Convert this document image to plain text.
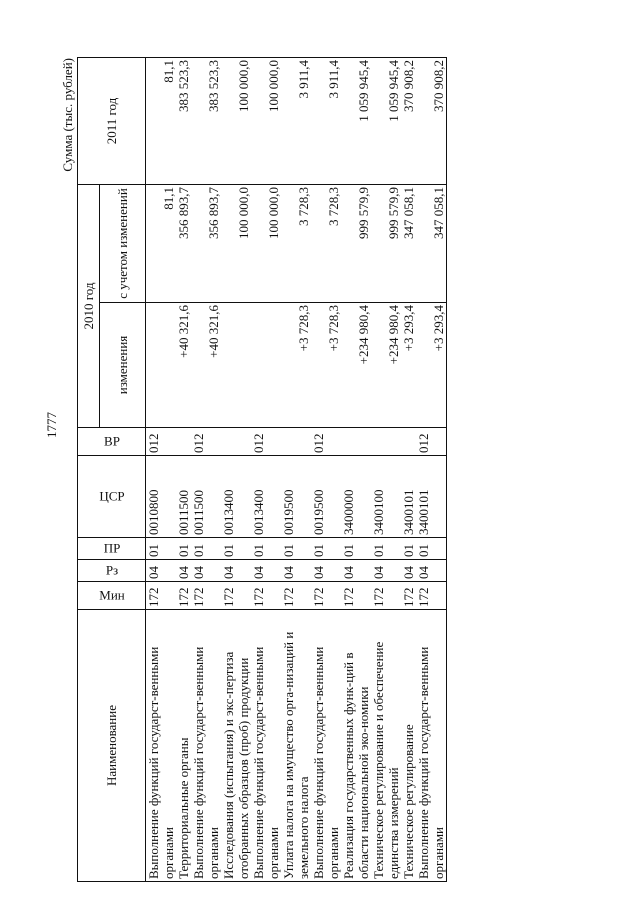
1777
Сумма (тыс. рублей)
Наименование	Мин	Рз	ПР	ЦСР	ВР	2010 год		2011 год
						изменения	с учетом изменений	
Выполнение функций государст-венными органами	172	04	01	0010800	012		81,1	81,1
Территориальные органы	172	04	01	0011500		+40 321,6	356 893,7	383 523,3
Выполнение функций государст-венными органами	172	04	01	0011500	012	+40 321,6	356 893,7	383 523,3
Исследования (испытания) и экс-пертиза отобранных образцов (проб) продукции	172	04	01	0013400			100 000,0	100 000,0
Выполнение функций государст-венными органами	172	04	01	0013400	012		100 000,0	100 000,0
Уплата налога на имущество орга-низаций и земельного налога	172	04	01	0019500		+3 728,3	3 728,3	3 911,4
Выполнение функций государст-венными органами	172	04	01	0019500	012	+3 728,3	3 728,3	3 911,4
Реализация государственных функ-ций в области национальной эко-номики	172	04	01	3400000		+234 980,4	999 579,9	1 059 945,4
Техническое регулирование и обеспечение единства измерений	172	04	01	3400100		+234 980,4	999 579,9	1 059 945,4
Техническое регулирование	172	04	01	3400101		+3 293,4	347 058,1	370 908,2
Выполнение функций государст-венными органами	172	04	01	3400101	012	+3 293,4	347 058,1	370 908,2
